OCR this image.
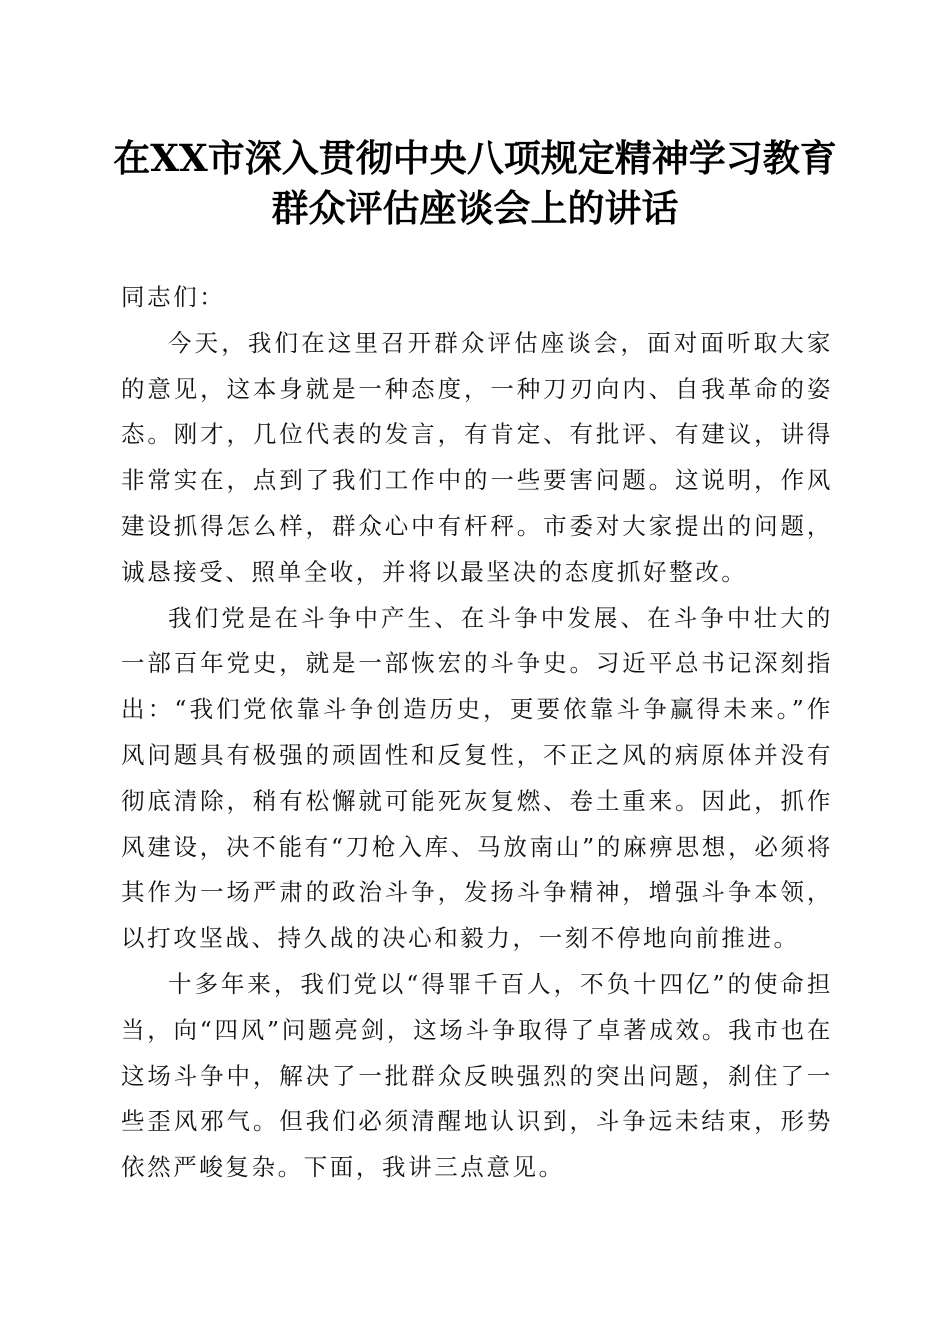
在XX市深入贯彻中央八项规定精神学习教育
群众评估座谈会上的讲话
同志们：

今天，我们在这里召开群众评估座谈会，面对面听取大家的意见，这本身就是一种态度，一种刀刃向内、自我革命的姿态。刚才，几位代表的发言，有肯定、有批评、有建议，讲得非常实在，点到了我们工作中的一些要害问题。这说明，作风建设抓得怎么样，群众心中有杆秤。市委对大家提出的问题，诚恳接受、照单全收，并将以最坚决的态度抓好整改。

我们党是在斗争中产生、在斗争中发展、在斗争中壮大的一部百年党史，就是一部恢宏的斗争史。习近平总书记深刻指出：“我们党依靠斗争创造历史，更要依靠斗争赢得未来。”作风问题具有极强的顽固性和反复性，不正之风的病原体并没有彻底清除，稍有松懈就可能死灰复燃、卷土重来。因此，抓作风建设，决不能有“刀枪入库、马放南山”的麻痹思想，必须将其作为一场严肃的政治斗争，发扬斗争精神，增强斗争本领，以打攻坚战、持久战的决心和毅力，一刻不停地向前推进。

十多年来，我们党以“得罪千百人，不负十四亿”的使命担当，向“四风”问题亮剑，这场斗争取得了卓著成效。我市也在这场斗争中，解决了一批群众反映强烈的突出问题，刹住了一些歪风邪气。但我们必须清醒地认识到，斗争远未结束，形势依然严峻复杂。下面，我讲三点意见。
